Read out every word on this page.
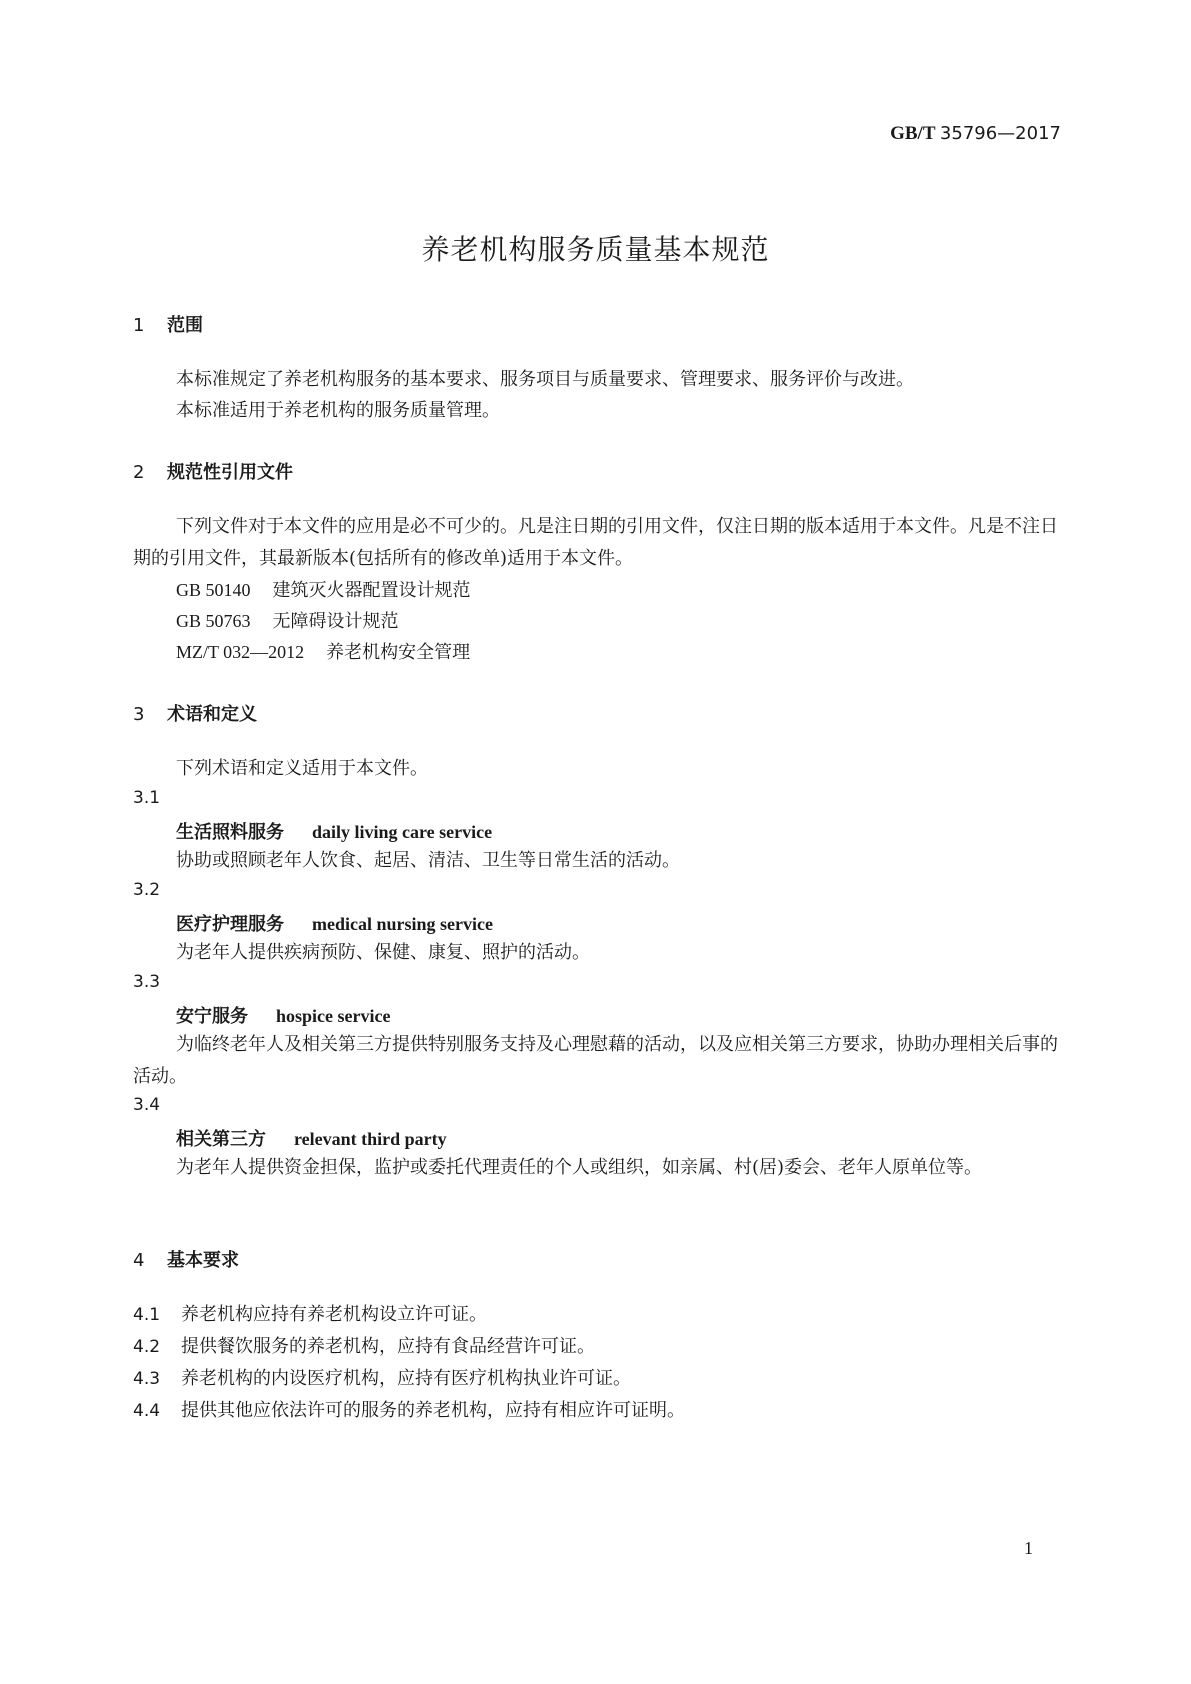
GB/T 35796—2017
养老机构服务质量基本规范
1 范围
本标准规定了养老机构服务的基本要求、服务项目与质量要求、管理要求、服务评价与改进。
本标准适用于养老机构的服务质量管理。
2 规范性引用文件
下列文件对于本文件的应用是必不可少的。凡是注日期的引用文件，仅注日期的版本适用于本文件。凡是不注日期的引用文件，其最新版本(包括所有的修改单)适用于本文件。
GB 50140 建筑灭火器配置设计规范
GB 50763 无障碍设计规范
MZ/T 032—2012 养老机构安全管理
3 术语和定义
下列术语和定义适用于本文件。
3.1
生活照料服务 daily living care service
协助或照顾老年人饮食、起居、清洁、卫生等日常生活的活动。
3.2
医疗护理服务 medical nursing service
为老年人提供疾病预防、保健、康复、照护的活动。
3.3
安宁服务 hospice service
为临终老年人及相关第三方提供特别服务支持及心理慰藉的活动，以及应相关第三方要求，协助办理相关后事的活动。
3.4
相关第三方 relevant third party
为老年人提供资金担保，监护或委托代理责任的个人或组织，如亲属、村(居)委会、老年人原单位等。
4 基本要求
4.1 养老机构应持有养老机构设立许可证。
4.2 提供餐饮服务的养老机构，应持有食品经营许可证。
4.3 养老机构的内设医疗机构，应持有医疗机构执业许可证。
4.4 提供其他应依法许可的服务的养老机构，应持有相应许可证明。
1
